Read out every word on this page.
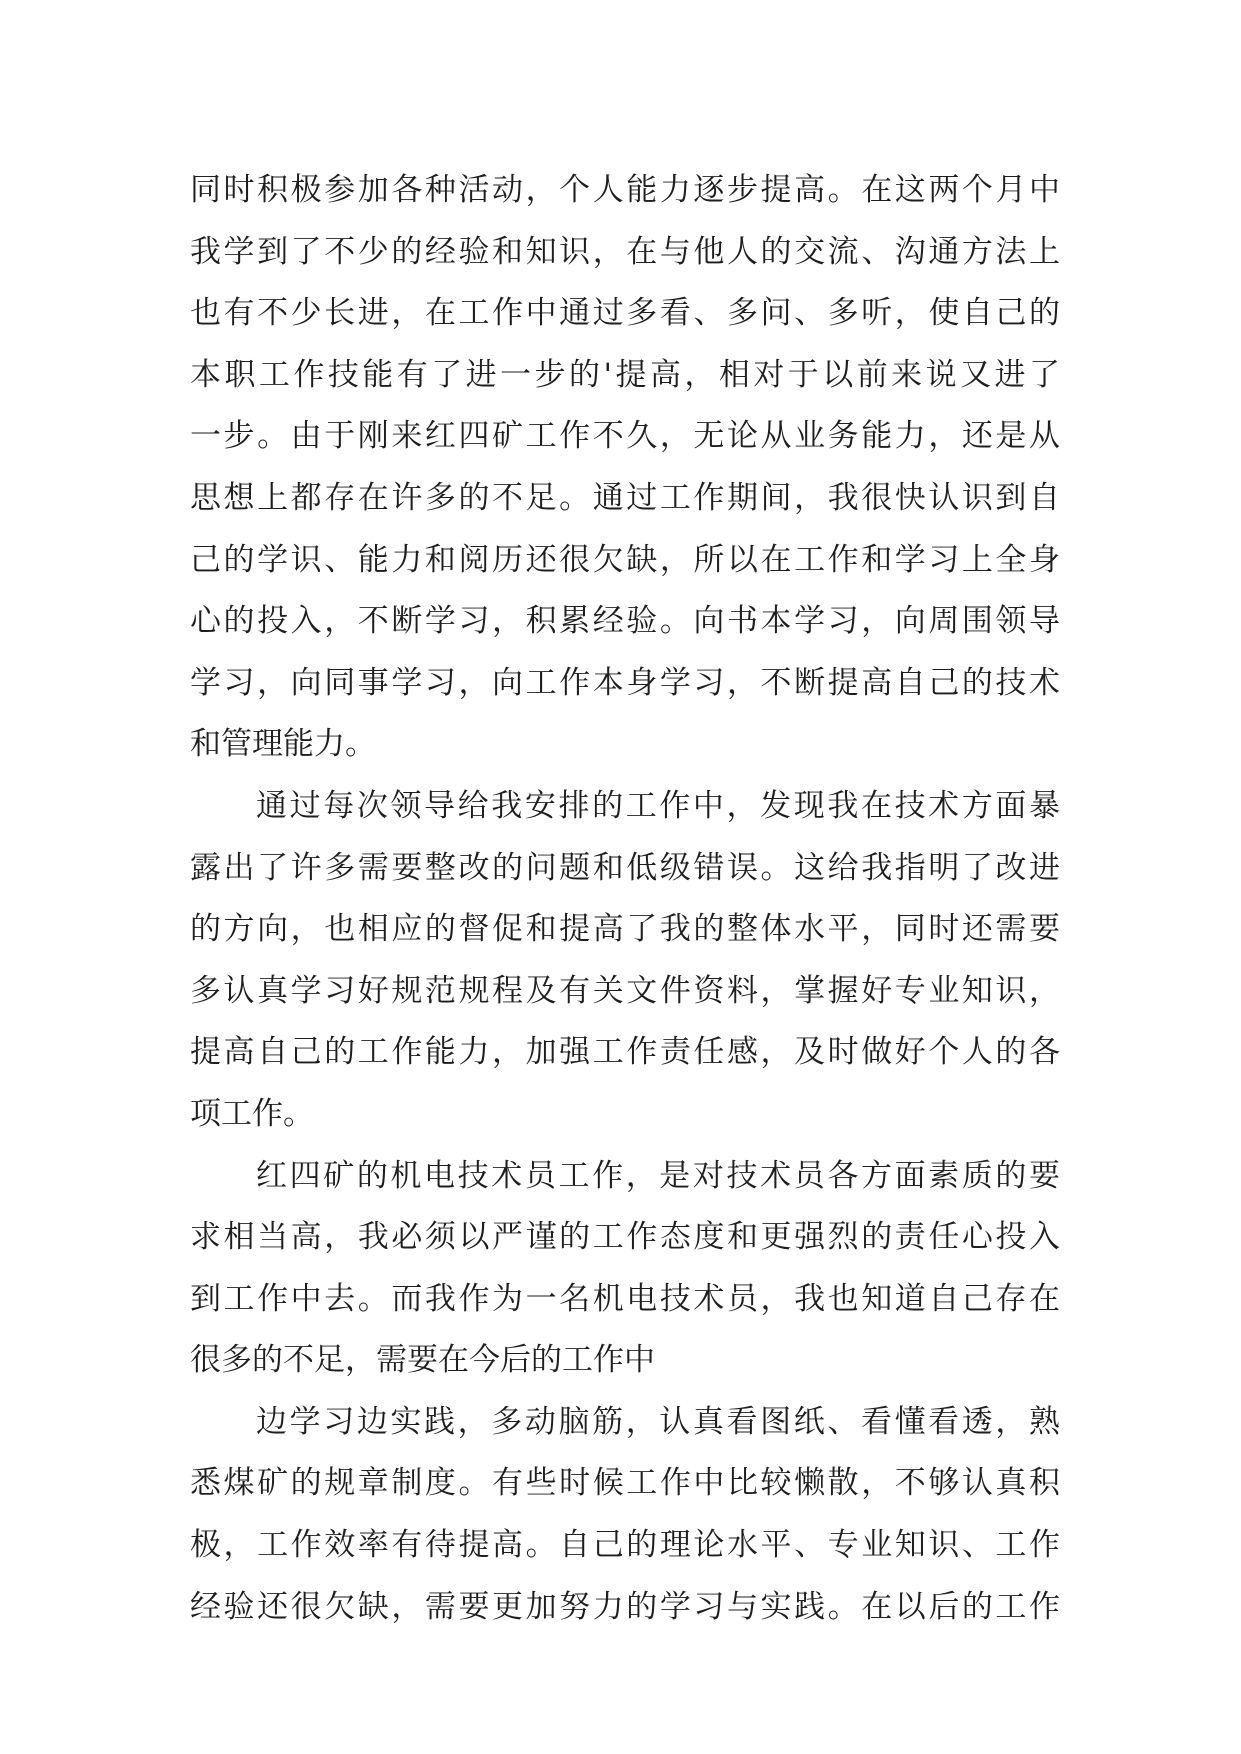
同时积极参加各种活动，个人能力逐步提高。在这两个月中
我学到了不少的经验和知识，在与他人的交流、沟通方法上
也有不少长进，在工作中通过多看、多问、多听，使自己的
本职工作技能有了进一步的'提高，相对于以前来说又进了
一步。由于刚来红四矿工作不久，无论从业务能力，还是从
思想上都存在许多的不足。通过工作期间，我很快认识到自
己的学识、能力和阅历还很欠缺，所以在工作和学习上全身
心的投入，不断学习，积累经验。向书本学习，向周围领导
学习，向同事学习，向工作本身学习，不断提高自己的技术
和管理能力。
通过每次领导给我安排的工作中，发现我在技术方面暴
露出了许多需要整改的问题和低级错误。这给我指明了改进
的方向，也相应的督促和提高了我的整体水平，同时还需要
多认真学习好规范规程及有关文件资料，掌握好专业知识，
提高自己的工作能力，加强工作责任感，及时做好个人的各
项工作。
红四矿的机电技术员工作，是对技术员各方面素质的要
求相当高，我必须以严谨的工作态度和更强烈的责任心投入
到工作中去。而我作为一名机电技术员，我也知道自己存在
很多的不足，需要在今后的工作中
边学习边实践，多动脑筋，认真看图纸、看懂看透，熟
悉煤矿的规章制度。有些时候工作中比较懒散，不够认真积
极，工作效率有待提高。自己的理论水平、专业知识、工作
经验还很欠缺，需要更加努力的学习与实践。在以后的工作
